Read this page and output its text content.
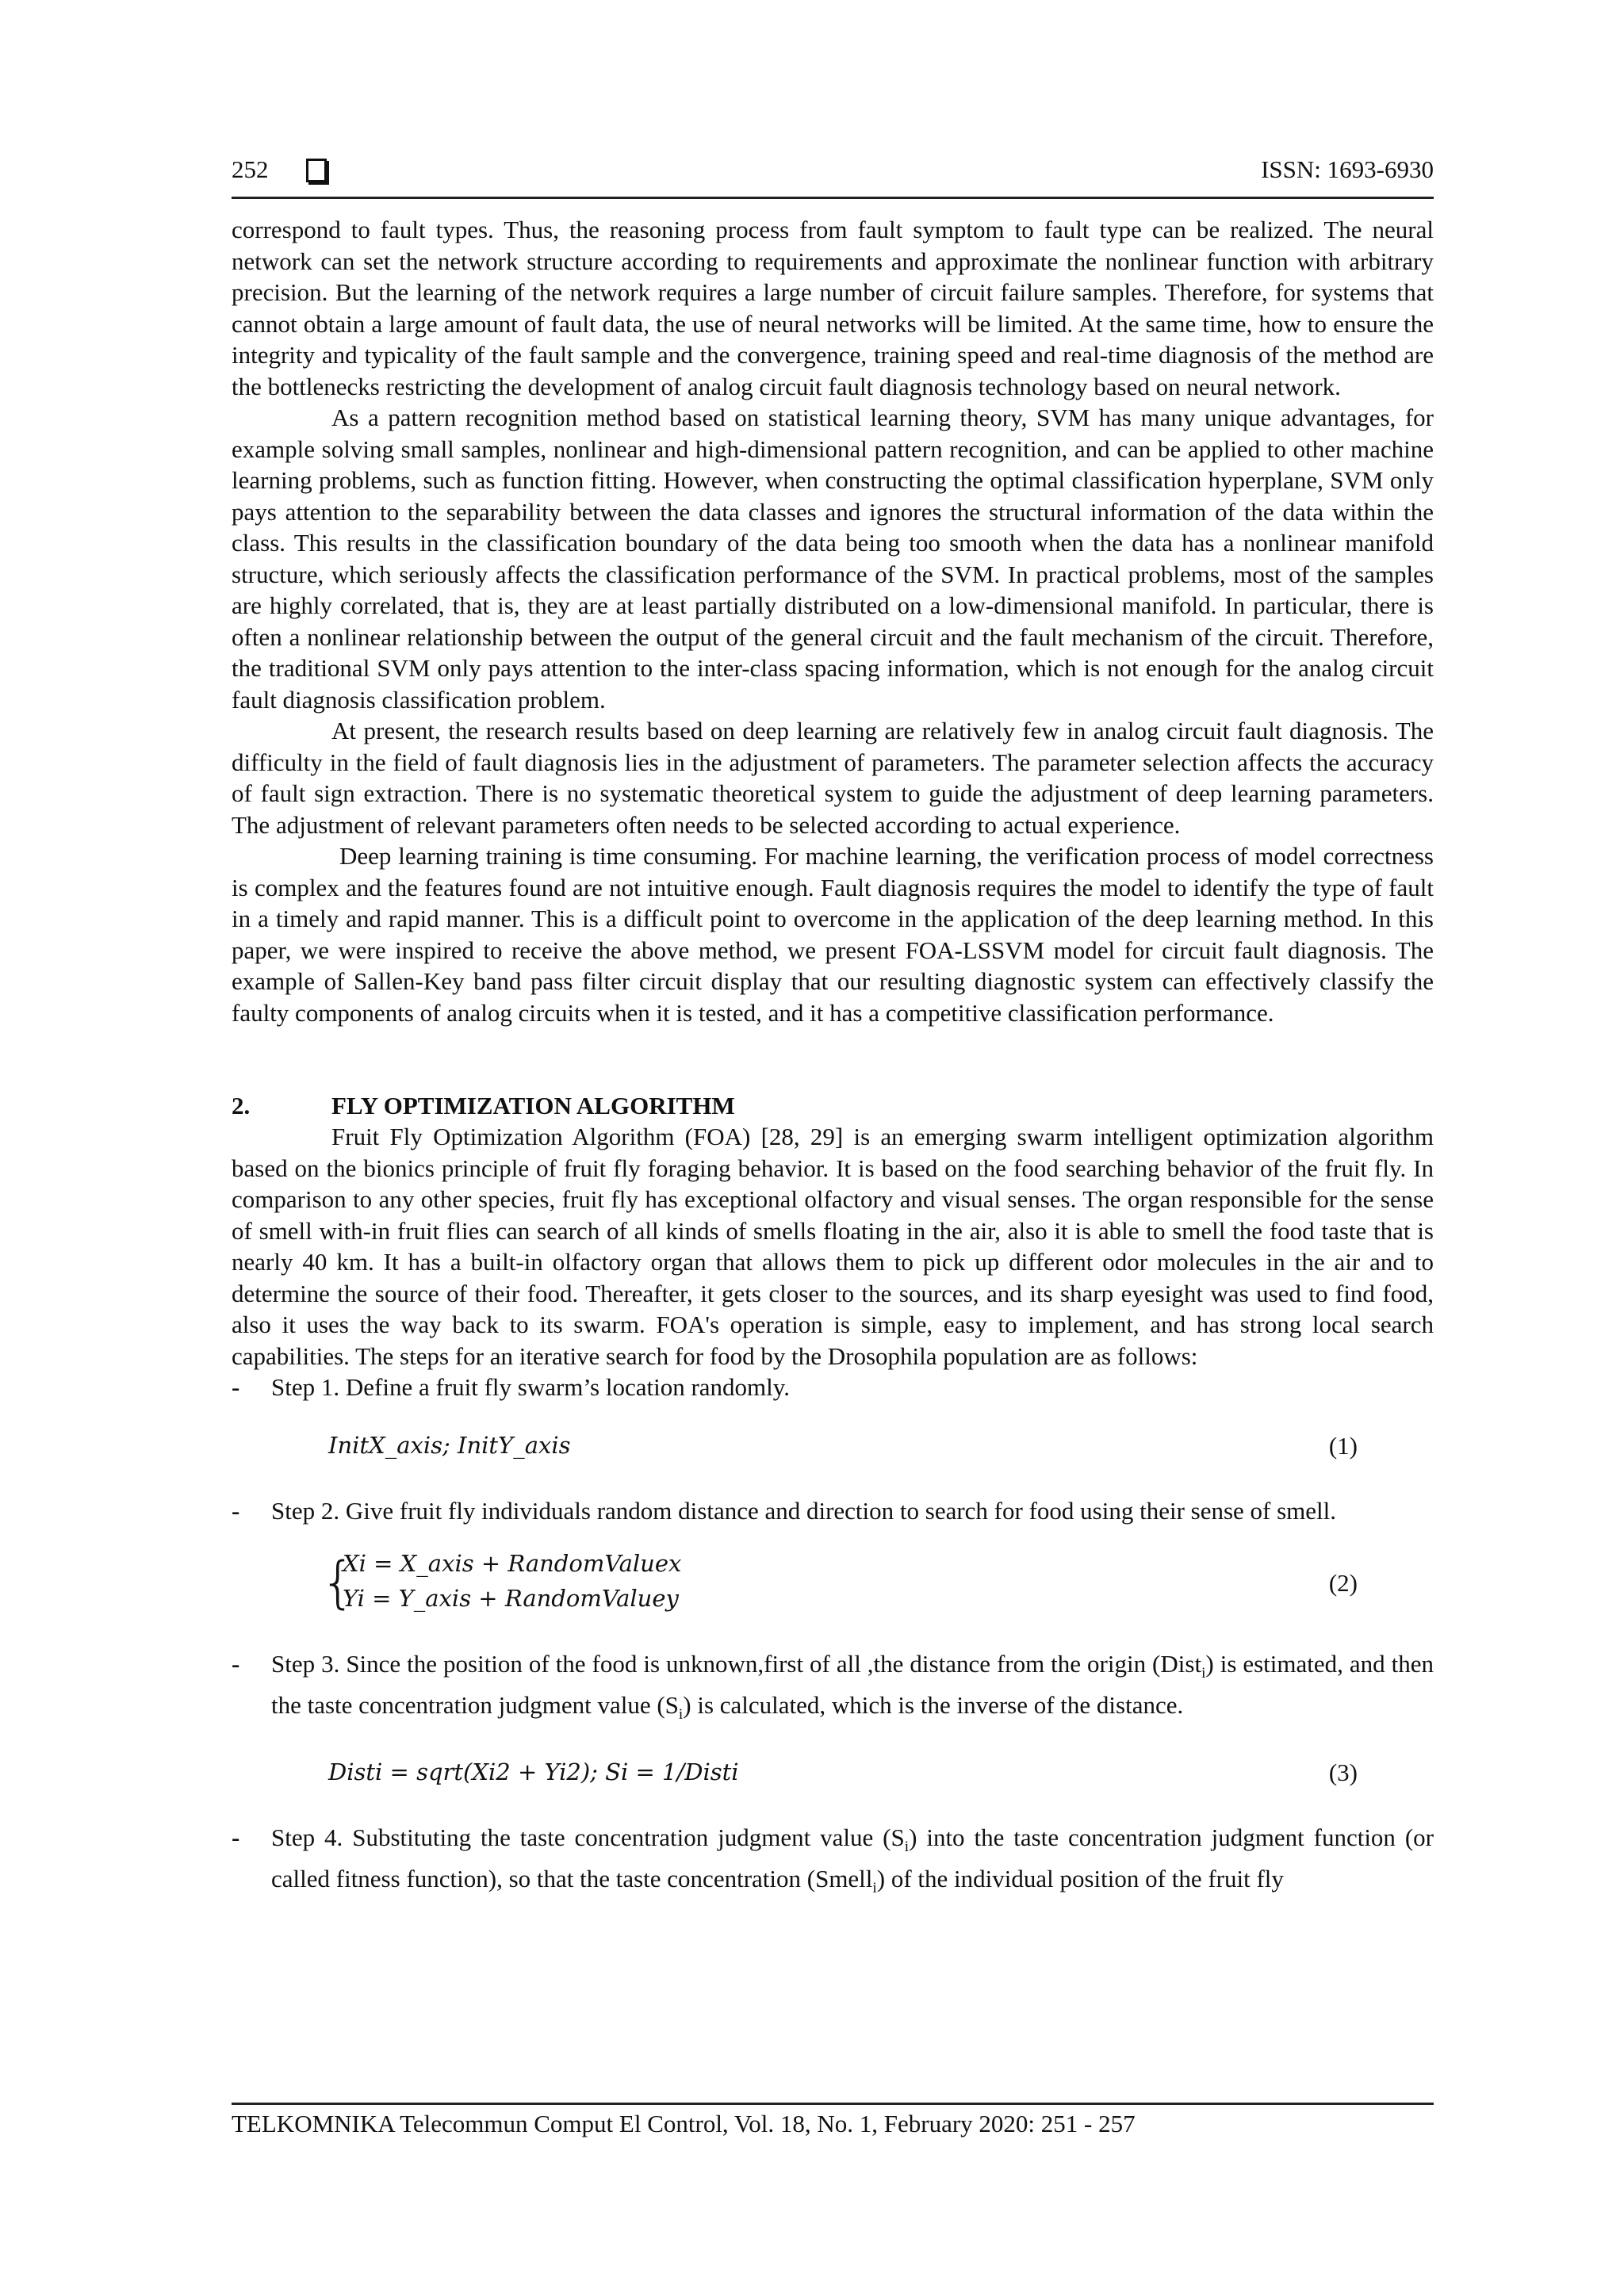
252	ISSN: 1693-6930

correspond to fault types. Thus, the reasoning process from fault symptom to fault type can be realized. The neural network can set the network structure according to requirements and approximate the nonlinear function with arbitrary precision. But the learning of the network requires a large number of circuit failure samples. Therefore, for systems that cannot obtain a large amount of fault data, the use of neural networks will be limited. At the same time, how to ensure the integrity and typicality of the fault sample and the convergence, training speed and real-time diagnosis of the method are the bottlenecks restricting the development of analog circuit fault diagnosis technology based on neural network.

As a pattern recognition method based on statistical learning theory, SVM has many unique advantages, for example solving small samples, nonlinear and high-dimensional pattern recognition, and can be applied to other machine learning problems, such as function fitting. However, when constructing the optimal classification hyperplane, SVM only pays attention to the separability between the data classes and ignores the structural information of the data within the class. This results in the classification boundary of the data being too smooth when the data has a nonlinear manifold structure, which seriously affects the classification performance of the SVM. In practical problems, most of the samples are highly correlated, that is, they are at least partially distributed on a low-dimensional manifold. In particular, there is often a nonlinear relationship between the output of the general circuit and the fault mechanism of the circuit. Therefore, the traditional SVM only pays attention to the inter-class spacing information, which is not enough for the analog circuit fault diagnosis classification problem.

At present, the research results based on deep learning are relatively few in analog circuit fault diagnosis. The difficulty in the field of fault diagnosis lies in the adjustment of parameters. The parameter selection affects the accuracy of fault sign extraction. There is no systematic theoretical system to guide the adjustment of deep learning parameters. The adjustment of relevant parameters often needs to be selected according to actual experience.

Deep learning training is time consuming. For machine learning, the verification process of model correctness is complex and the features found are not intuitive enough. Fault diagnosis requires the model to identify the type of fault in a timely and rapid manner. This is a difficult point to overcome in the application of the deep learning method. In this paper, we were inspired to receive the above method, we present FOA-LSSVM model for circuit fault diagnosis. The example of Sallen-Key band pass filter circuit display that our resulting diagnostic system can effectively classify the faulty components of analog circuits when it is tested, and it has a competitive classification performance.

2.	FLY OPTIMIZATION ALGORITHM

Fruit Fly Optimization Algorithm (FOA) [28, 29] is an emerging swarm intelligent optimization algorithm based on the bionics principle of fruit fly foraging behavior. It is based on the food searching behavior of the fruit fly. In comparison to any other species, fruit fly has exceptional olfactory and visual senses. The organ responsible for the sense of smell with-in fruit flies can search of all kinds of smells floating in the air, also it is able to smell the food taste that is nearly 40 km. It has a built-in olfactory organ that allows them to pick up different odor molecules in the air and to determine the source of their food. Thereafter, it gets closer to the sources, and its sharp eyesight was used to find food, also it uses the way back to its swarm. FOA's operation is simple, easy to implement, and has strong local search capabilities. The steps for an iterative search for food by the Drosophila population are as follows:

- Step 1. Define a fruit fly swarm’s location randomly.
InitX_axis; InitY_axis	(1)
- Step 2. Give fruit fly individuals random distance and direction to search for food using their sense of smell.
{
Xi = X_axis + RandomValuex
Yi = Y_axis + RandomValuey
(2)
- Step 3. Since the position of the food is unknown,first of all ,the distance from the origin (Dist$_i$) is estimated, and then the taste concentration judgment value $(S_i)$ is calculated, which is the inverse of the distance.
Disti = sqrt(Xi2 + Yi2); Si = 1/Disti	(3)
- Step 4. Substituting the taste concentration judgment value $(S_i)$ into the taste concentration judgment function (or called fitness function), so that the taste concentration (Smell$_i$) of the individual position of the fruit fly
TELKOMNIKA Telecommun Comput El Control, Vol. 18, No. 1, February 2020: 251 - 257
